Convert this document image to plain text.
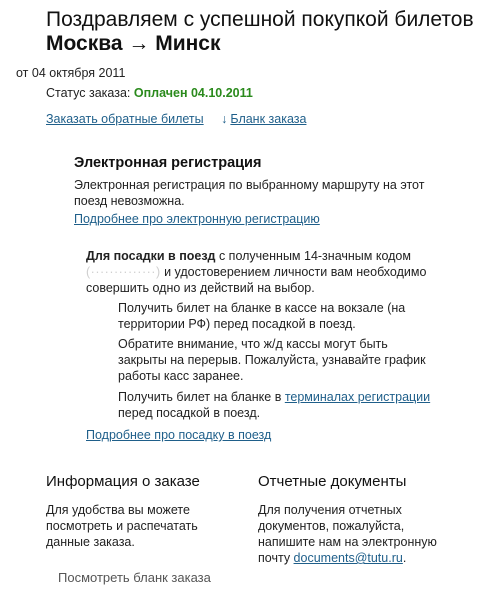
Поздравляем с успешной покупкой билетов
Москва → Минск
от 04 октября 2011
Статус заказа: Оплачен 04.10.2011
Заказать обратные билеты ↓ Бланк заказа
Электронная регистрация
Электронная регистрация по выбранному маршруту на этот поезд невозможна.
Подробнее про электронную регистрацию
Для посадки в поезд с полученным 14-значным кодом (··············) и удостоверением личности вам необходимо совершить одно из действий на выбор.
Получить билет на бланке в кассе на вокзале (на территории РФ) перед посадкой в поезд.
Обратите внимание, что ж/д кассы могут быть закрыты на перерыв. Пожалуйста, узнавайте график работы касс заранее.
Получить билет на бланке в терминалах регистрации перед посадкой в поезд.
Подробнее про посадку в поезд
Информация о заказе
Для удобства вы можете посмотреть и распечатать данные заказа.
Отчетные документы
Для получения отчетных документов, пожалуйста, напишите нам на электронную почту documents@tutu.ru.
Посмотреть бланк заказа
